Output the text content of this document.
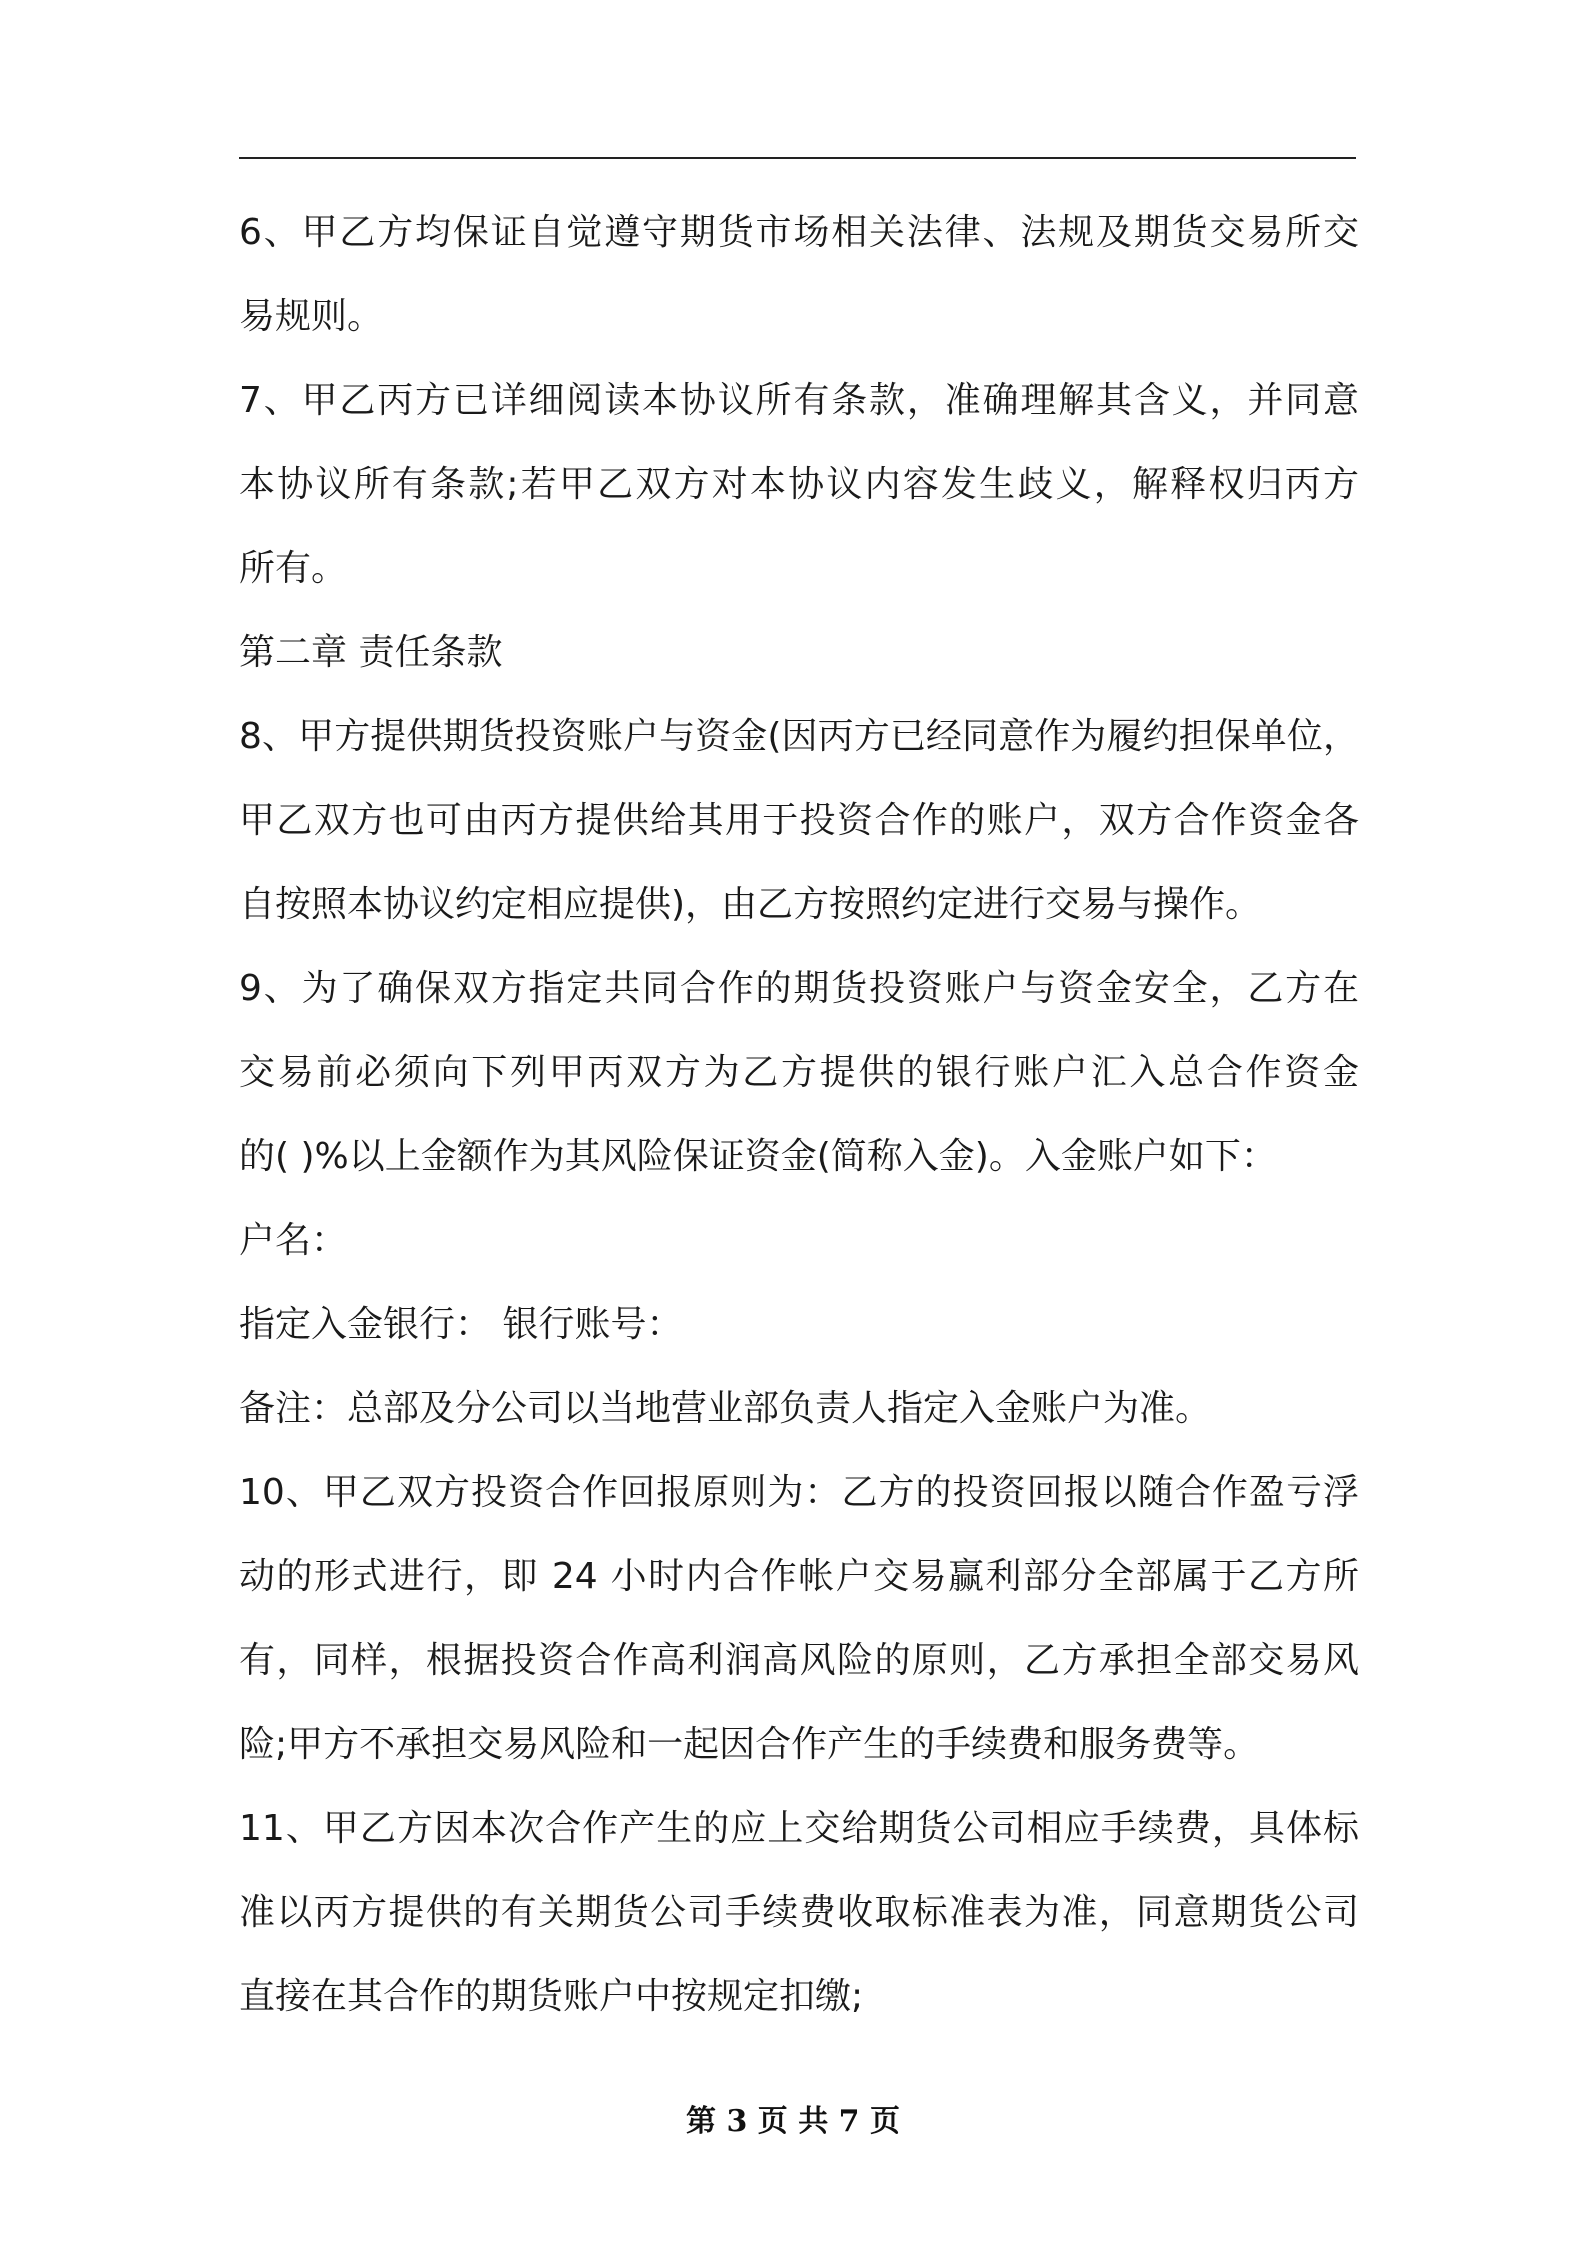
6、甲乙方均保证自觉遵守期货市场相关法律、法规及期货交易所交
易规则。
7、甲乙丙方已详细阅读本协议所有条款，准确理解其含义，并同意
本协议所有条款;若甲乙双方对本协议内容发生歧义，解释权归丙方
所有。
第二章 责任条款
8、甲方提供期货投资账户与资金(因丙方已经同意作为履约担保单位，
甲乙双方也可由丙方提供给其用于投资合作的账户，双方合作资金各
自按照本协议约定相应提供)，由乙方按照约定进行交易与操作。
9、为了确保双方指定共同合作的期货投资账户与资金安全，乙方在
交易前必须向下列甲丙双方为乙方提供的银行账户汇入总合作资金
的( )%以上金额作为其风险保证资金(简称入金)。入金账户如下：
户名：
指定入金银行： 银行账号：
备注：总部及分公司以当地营业部负责人指定入金账户为准。
10、甲乙双方投资合作回报原则为：乙方的投资回报以随合作盈亏浮
动的形式进行，即 24 小时内合作帐户交易赢利部分全部属于乙方所
有，同样，根据投资合作高利润高风险的原则，乙方承担全部交易风
险;甲方不承担交易风险和一起因合作产生的手续费和服务费等。
11、甲乙方因本次合作产生的应上交给期货公司相应手续费，具体标
准以丙方提供的有关期货公司手续费收取标准表为准，同意期货公司
直接在其合作的期货账户中按规定扣缴;
第 3 页 共 7 页
